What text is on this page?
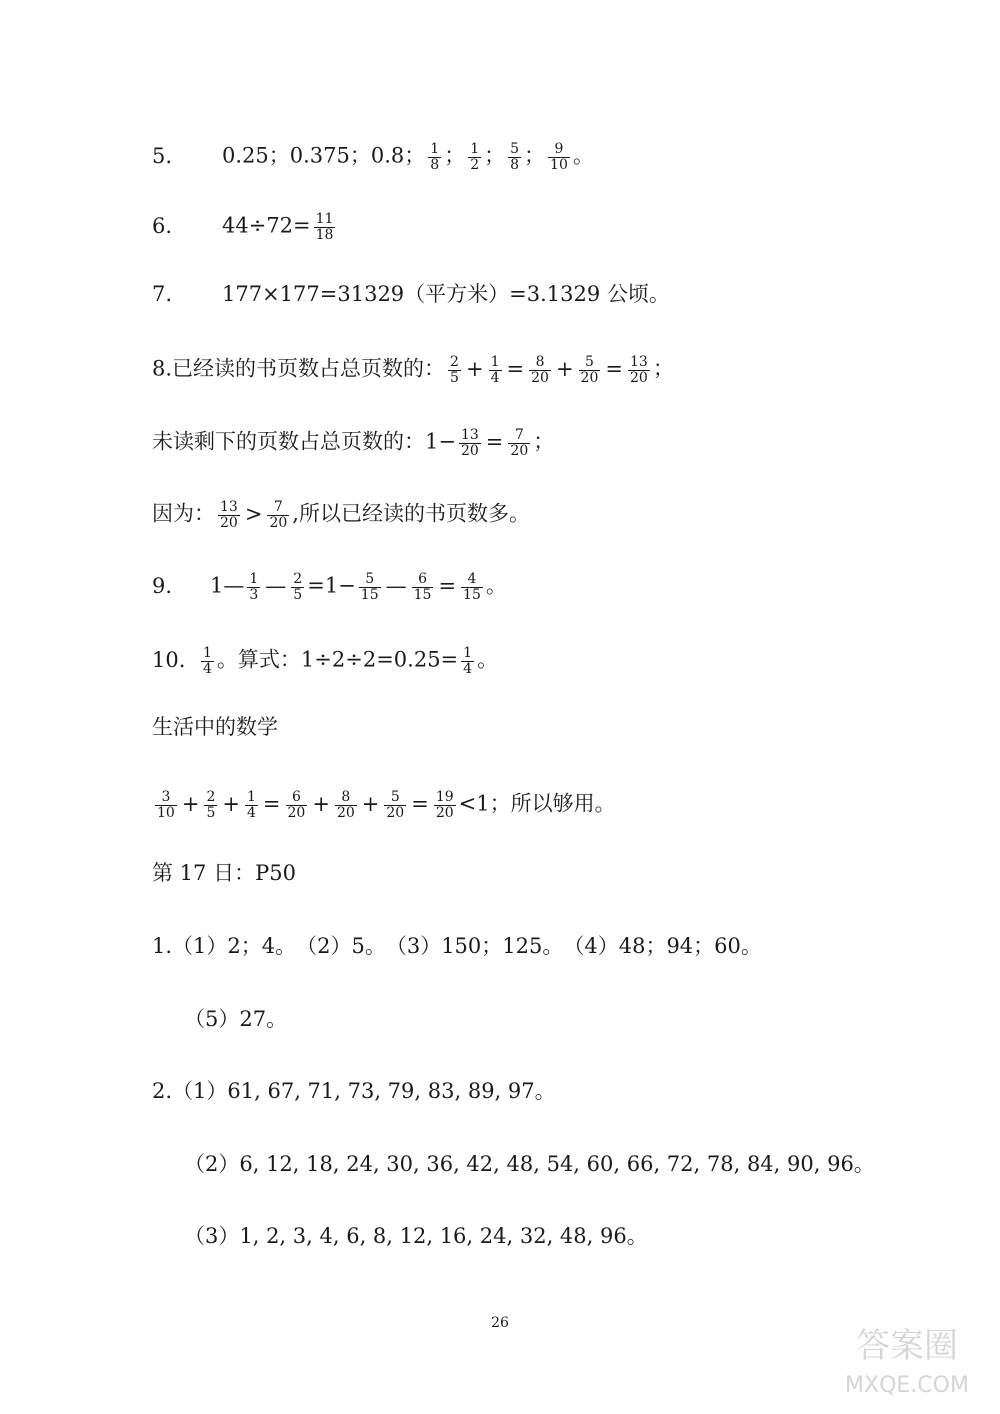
5. 0.25；0.375；0.8； $\frac{1}{8}$ ； $\frac{1}{2}$ ； $\frac{5}{8}$ ； $\frac{9}{10}$ 。
6. $44\div 72= \frac{11}{18}$
7. 177×177=31329（平方米）=3.1329 公顷。
8.已经读的书页数占总页数的： $\frac{2}{5} + \frac{1}{4} = \frac{8}{20} + \frac{5}{20} = \frac{13}{20}$ ；
未读剩下的页数占总页数的：$1- \frac{13}{20} = \frac{7}{20}$ ；
因为： $\frac{13}{20} > \frac{7}{20}$ ,所以已经读的书页数多。
9. 1— $\frac{1}{3}$ — $\frac{2}{5} =1- \frac{5}{15}$ — $\frac{6}{15} = \frac{4}{15}$ 。
10. $\frac{1}{4}$ 。算式：$1\div 2\div 2=0.25= \frac{1}{4}$ 。
生活中的数学
$\frac{3}{10} + \frac{2}{5} + \frac{1}{4} = \frac{6}{20} + \frac{8}{20} + \frac{5}{20} = \frac{19}{20} <1$；所以够用。
第 17 日：P50
1.（1）2；4。　（2）5。　（3）150；125。　（4）48；94；60。
（5）27。
2.（1）61, 67, 71, 73, 79, 83, 89, 97。
（2）6, 12, 18, 24, 30, 36, 42, 48, 54, 60, 66, 72, 78, 84, 90, 96。
（3）1, 2, 3, 4, 6, 8, 12, 16, 24, 32, 48, 96。
26
答案圈
MXQE.COM
